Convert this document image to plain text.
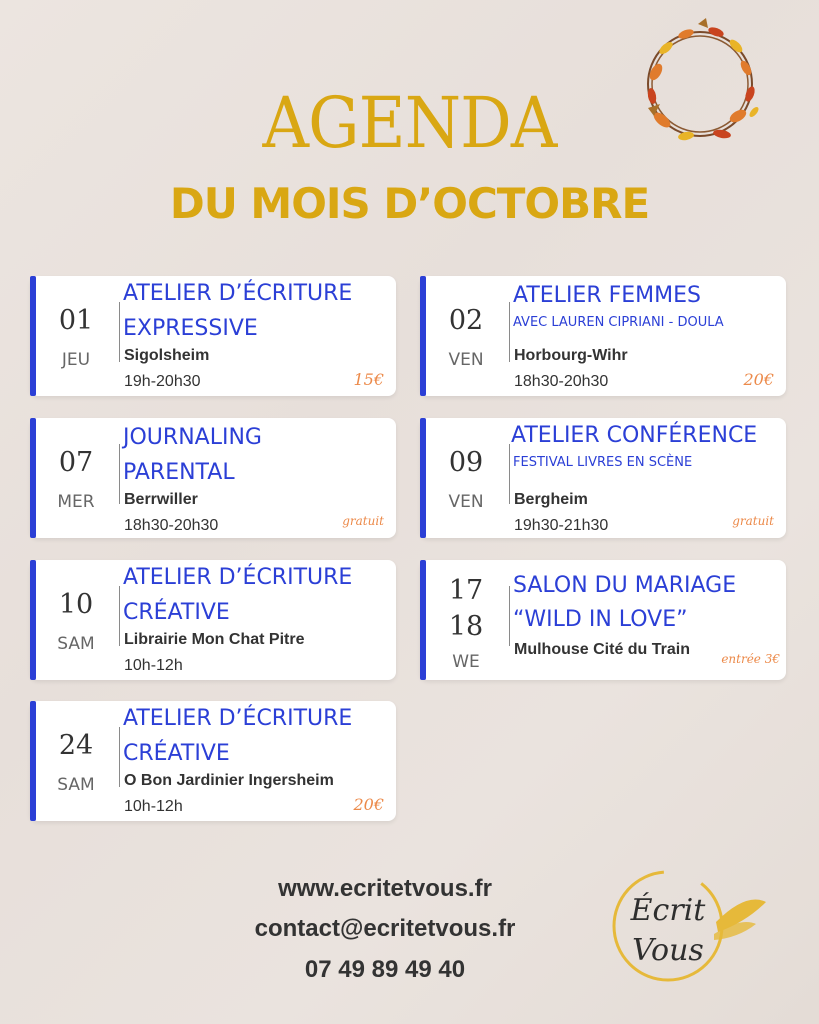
AGENDA
DU MOIS D’OCTOBRE
01
JEU
ATELIER D’ÉCRITURE
EXPRESSIVE
Sigolsheim
19h-20h30	15€
02
VEN
ATELIER FEMMES
AVEC LAUREN CIPRIANI - DOULA
Horbourg-Wihr
18h30-20h30	20€
07
MER
JOURNALING
PARENTAL
Berrwiller
18h30-20h30	gratuit
09
VEN
ATELIER CONFÉRENCE
FESTIVAL LIVRES EN SCÈNE
Bergheim
19h30-21h30	gratuit
10
SAM
ATELIER D’ÉCRITURE
CRÉATIVE
Librairie Mon Chat Pitre
10h-12h
17
18
WE
SALON DU MARIAGE
“WILD IN LOVE”
Mulhouse Cité du Train
entrée 3€
24
SAM
ATELIER D’ÉCRITURE
CRÉATIVE
O Bon Jardinier Ingersheim
10h-12h	20€
www.ecritetvous.fr
contact@ecritetvous.fr
07 49 89 49 40
Écrit
Vous
